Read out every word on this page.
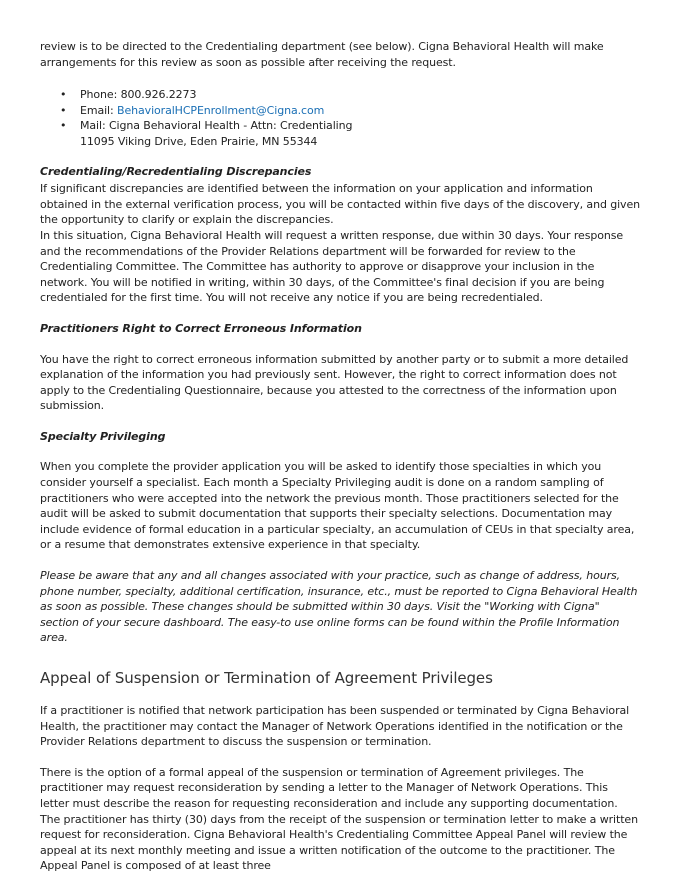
review is to be directed to the Credentialing department (see below). Cigna Behavioral Health will make arrangements for this review as soon as possible after receiving the request.

• Phone: 800.926.2273
• Email: BehavioralHCPEnrollment@Cigna.com
• Mail: Cigna Behavioral Health - Attn: Credentialing
11095 Viking Drive, Eden Prairie, MN 55344
Credentialing/Recredentialing Discrepancies

If significant discrepancies are identified between the information on your application and information obtained in the external verification process, you will be contacted within five days of the discovery, and given the opportunity to clarify or explain the discrepancies.

In this situation, Cigna Behavioral Health will request a written response, due within 30 days. Your response and the recommendations of the Provider Relations department will be forwarded for review to the Credentialing Committee. The Committee has authority to approve or disapprove your inclusion in the network. You will be notified in writing, within 30 days, of the Committee's final decision if you are being credentialed for the first time. You will not receive any notice if you are being recredentialed.

Practitioners Right to Correct Erroneous Information

You have the right to correct erroneous information submitted by another party or to submit a more detailed explanation of the information you had previously sent. However, the right to correct information does not apply to the Credentialing Questionnaire, because you attested to the correctness of the information upon submission.

Specialty Privileging

When you complete the provider application you will be asked to identify those specialties in which you consider yourself a specialist. Each month a Specialty Privileging audit is done on a random sampling of practitioners who were accepted into the network the previous month. Those practitioners selected for the audit will be asked to submit documentation that supports their specialty selections. Documentation may include evidence of formal education in a particular specialty, an accumulation of CEUs in that specialty area, or a resume that demonstrates extensive experience in that specialty.

Please be aware that any and all changes associated with your practice, such as change of address, hours, phone number, specialty, additional certification, insurance, etc., must be reported to Cigna Behavioral Health as soon as possible. These changes should be submitted within 30 days. Visit the "Working with Cigna" section of your secure dashboard. The easy-to use online forms can be found within the Profile Information area.

Appeal of Suspension or Termination of Agreement Privileges

If a practitioner is notified that network participation has been suspended or terminated by Cigna Behavioral Health, the practitioner may contact the Manager of Network Operations identified in the notification or the Provider Relations department to discuss the suspension or termination.

There is the option of a formal appeal of the suspension or termination of Agreement privileges. The practitioner may request reconsideration by sending a letter to the Manager of Network Operations. This letter must describe the reason for requesting reconsideration and include any supporting documentation. The practitioner has thirty (30) days from the receipt of the suspension or termination letter to make a written request for reconsideration. Cigna Behavioral Health's Credentialing Committee Appeal Panel will review the appeal at its next monthly meeting and issue a written notification of the outcome to the practitioner. The Appeal Panel is composed of at least three
